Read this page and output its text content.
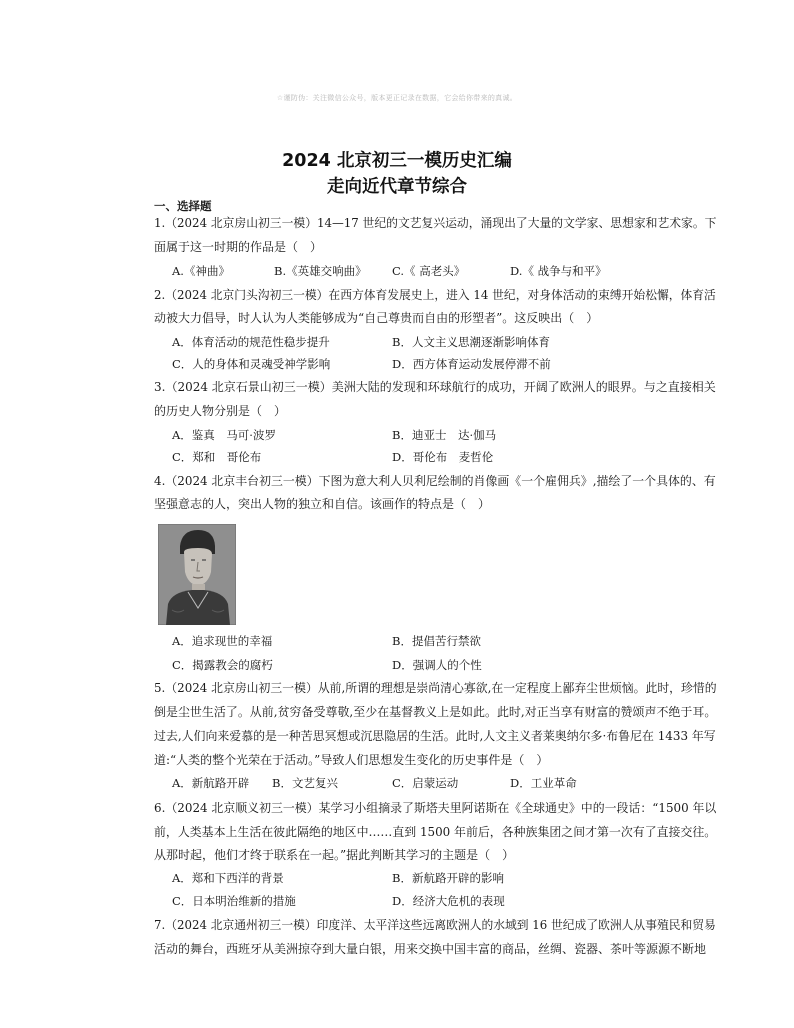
☆谨防伪：关注微信公众号，版本更正记录在数据，它会给你带来的真诚。
2024 北京初三一模历史汇编
走向近代章节综合
一、选择题
1.（2024 北京房山初三一模）14—17 世纪的文艺复兴运动，涌现出了大量的文学家、思想家和艺术家。下
面属于这一时期的作品是（　）
A.《神曲》	B.《英雄交响曲》 C.《 高老头》	D.《 战争与和平》
2.（2024 北京门头沟初三一模）在西方体育发展史上，进入 14 世纪，对身体活动的束缚开始松懈，体育活
动被大力倡导，时人认为人类能够成为“自己尊贵而自由的形塑者”。这反映出（　）
A．体育活动的规范性稳步提升	B．人文主义思潮逐渐影响体育
C．人的身体和灵魂受神学影响	D．西方体育运动发展停滞不前
3.（2024 北京石景山初三一模）美洲大陆的发现和环球航行的成功，开阔了欧洲人的眼界。与之直接相关
的历史人物分别是（　）
A．鉴真　马可·波罗	B．迪亚士　达·伽马
C．郑和　哥伦布	D．哥伦布　麦哲伦
4.（2024 北京丰台初三一模）下图为意大利人贝利尼绘制的肖像画《一个雇佣兵》,描绘了一个具体的、有
坚强意志的人，突出人物的独立和自信。该画作的特点是（　）
A．追求现世的幸福	B．提倡苦行禁欲
C．揭露教会的腐朽	D．强调人的个性
5.（2024 北京房山初三一模）从前,所谓的理想是崇尚清心寡欲,在一定程度上鄙弃尘世烦恼。此时，珍惜的
倒是尘世生活了。从前,贫穷备受尊敬,至少在基督教义上是如此。此时,对正当享有财富的赞颂声不绝于耳。
过去,人们向来爱慕的是一种苦思冥想或沉思隐居的生活。此时,人文主义者莱奥纳尔多·布鲁尼在 1433 年写
道:“人类的整个光荣在于活动。”导致人们思想发生变化的历史事件是（　）
A．新航路开辟 B．文艺复兴	C．启蒙运动	D．工业革命
6.（2024 北京顺义初三一模）某学习小组摘录了斯塔夫里阿诺斯在《全球通史》中的一段话：“1500 年以
前，人类基本上生活在彼此隔绝的地区中……直到 1500 年前后，各种族集团之间才第一次有了直接交往。
从那时起，他们才终于联系在一起。”据此判断其学习的主题是（　）
A．郑和下西洋的背景	B．新航路开辟的影响
C．日本明治维新的措施	D．经济大危机的表现
7.（2024 北京通州初三一模）印度洋、太平洋这些远离欧洲人的水域到 16 世纪成了欧洲人从事殖民和贸易
活动的舞台，西班牙从美洲掠夺到大量白银，用来交换中国丰富的商品，丝绸、瓷器、茶叶等源源不断地
